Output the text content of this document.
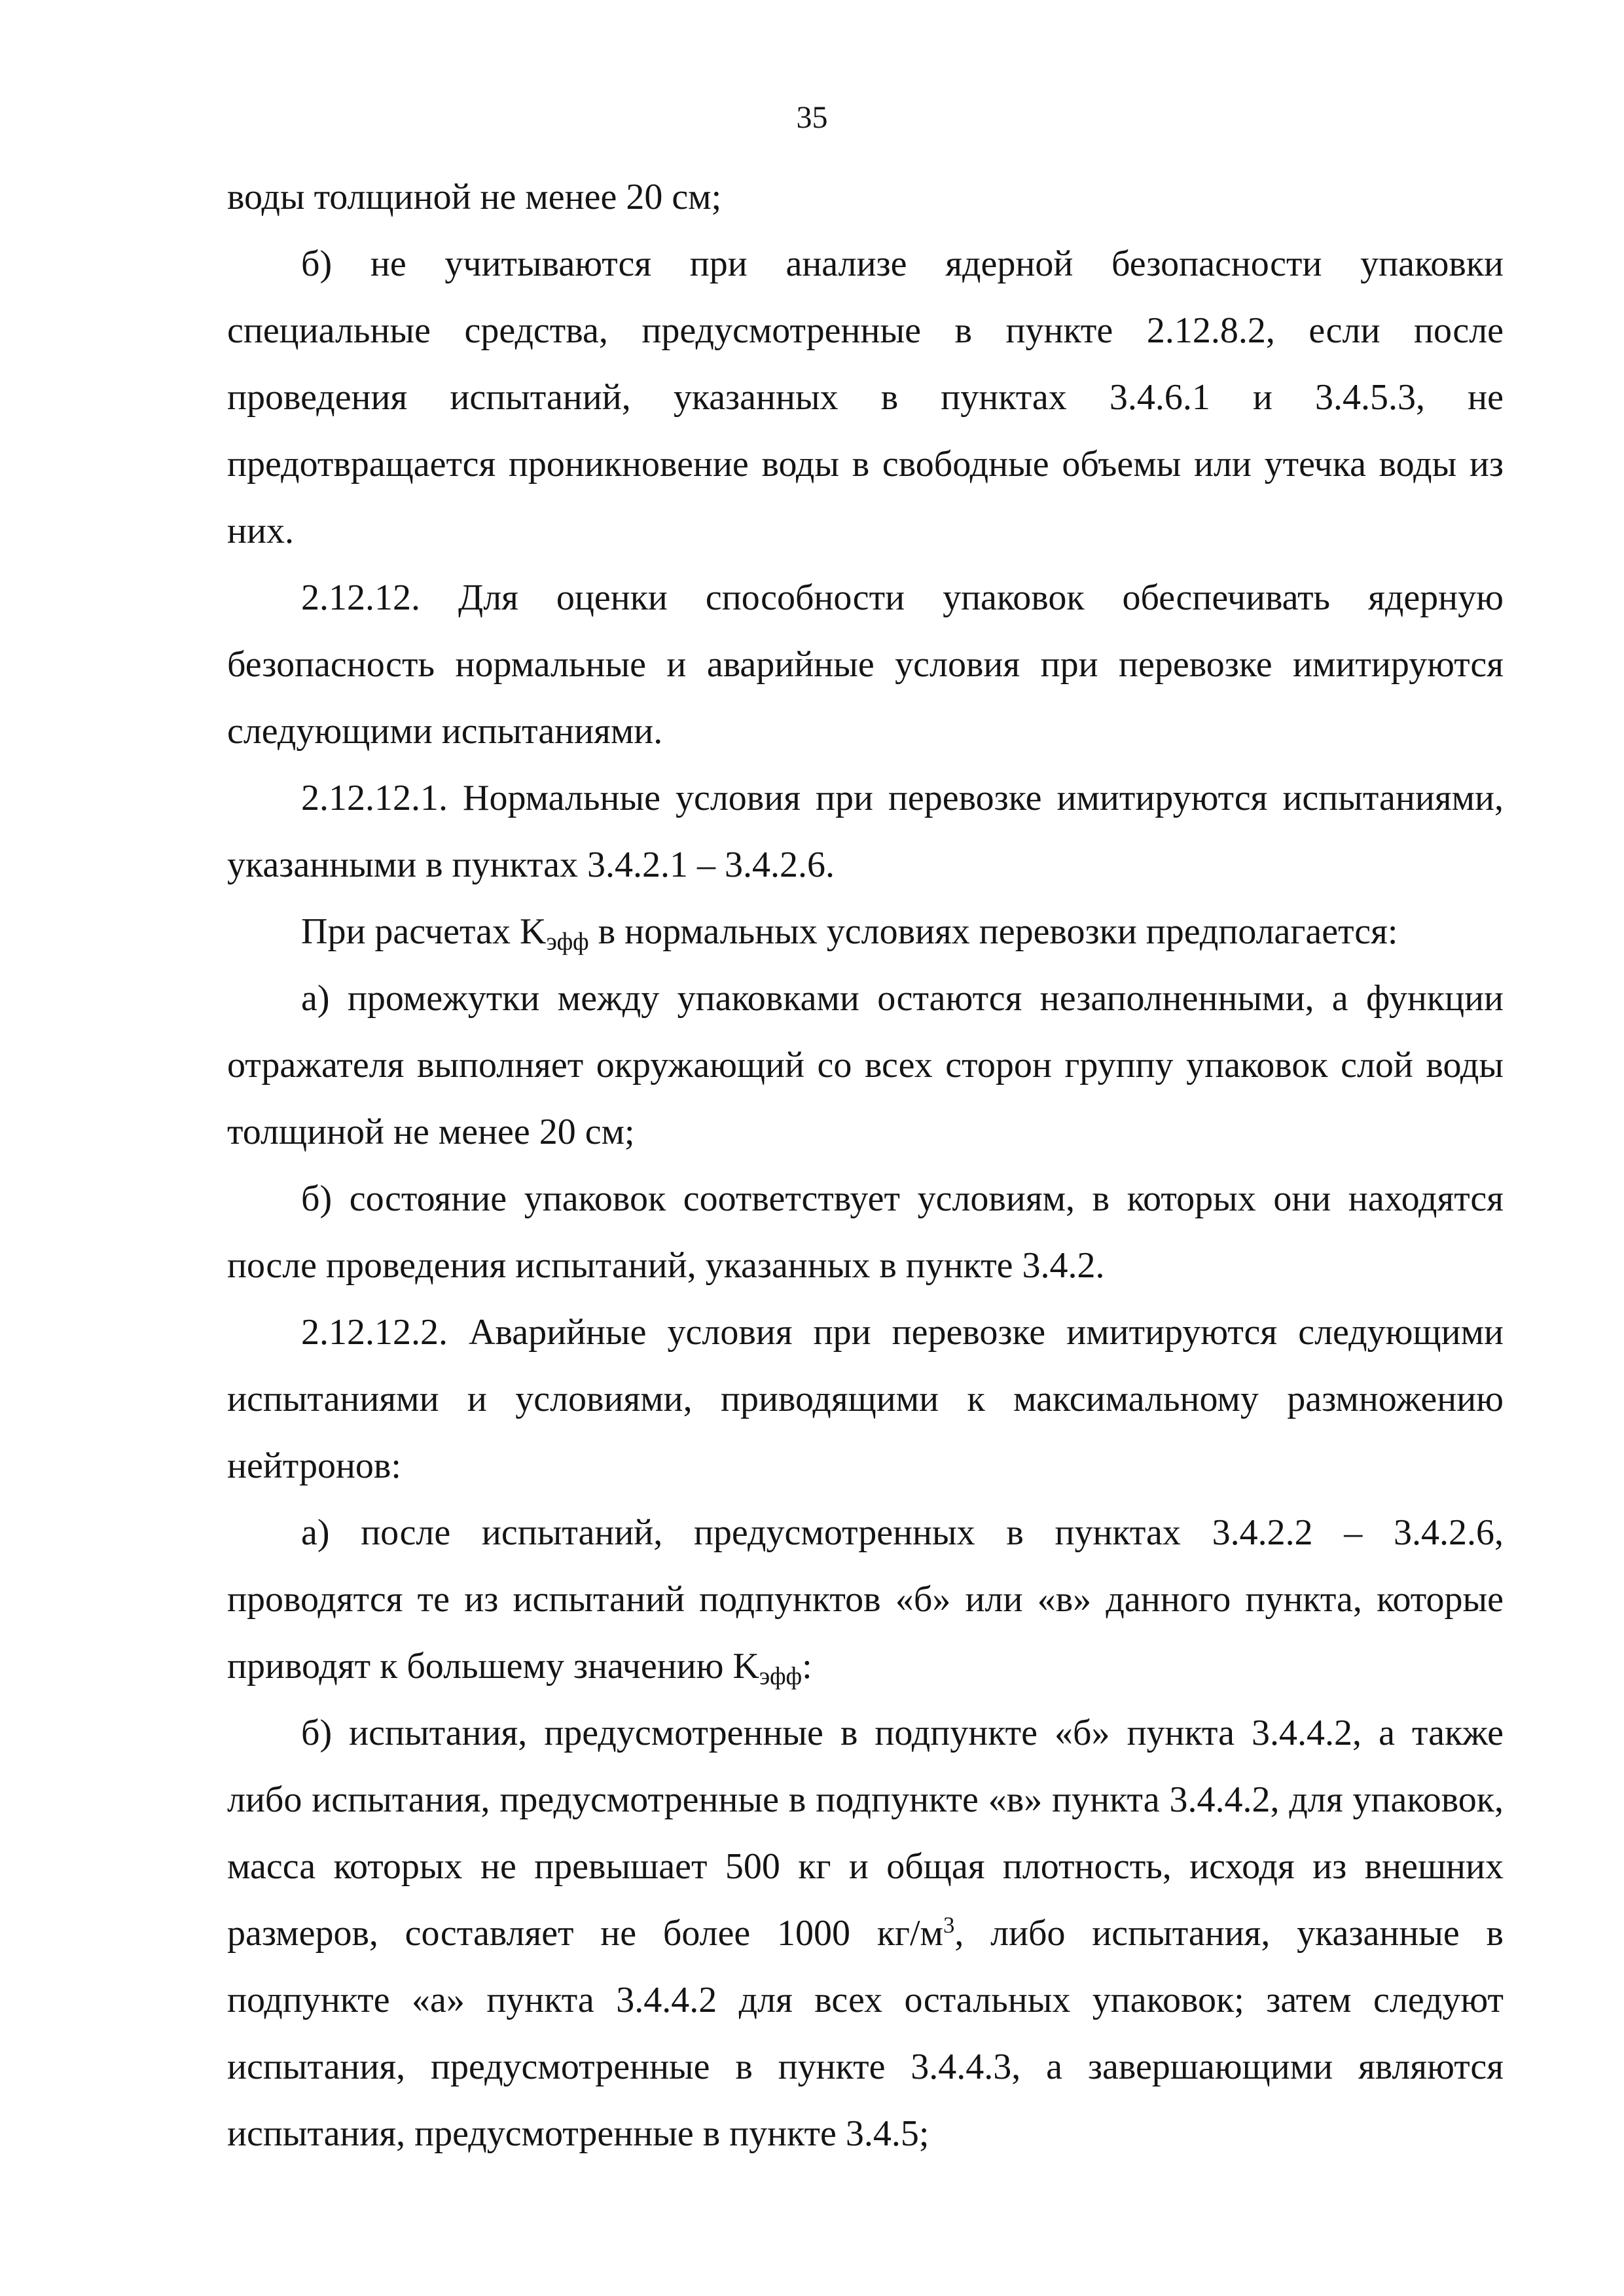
35

воды толщиной не менее 20 см;

б) не учитываются при анализе ядерной безопасности упаковки специальные средства, предусмотренные в пункте 2.12.8.2, если после проведения испытаний, указанных в пунктах 3.4.6.1 и 3.4.5.3, не предотвращается проникновение воды в свободные объемы или утечка воды из них.

2.12.12. Для оценки способности упаковок обеспечивать ядерную безопасность нормальные и аварийные условия при перевозке имитируются следующими испытаниями.

2.12.12.1. Нормальные условия при перевозке имитируются испытаниями, указанными в пунктах 3.4.2.1 – 3.4.2.6.

При расчетах $K_{эфф}$ в нормальных условиях перевозки предполагается:

а) промежутки между упаковками остаются незаполненными, а функции отражателя выполняет окружающий со всех сторон группу упаковок слой воды толщиной не менее 20 см;

б) состояние упаковок соответствует условиям, в которых они находятся после проведения испытаний, указанных в пункте 3.4.2.

2.12.12.2. Аварийные условия при перевозке имитируются следующими испытаниями и условиями, приводящими к максимальному размножению нейтронов:

а) после испытаний, предусмотренных в пунктах 3.4.2.2 – 3.4.2.6, проводятся те из испытаний подпунктов «б» или «в» данного пункта, которые приводят к большему значению $K_{эфф}$:

б) испытания, предусмотренные в подпункте «б» пункта 3.4.4.2, а также либо испытания, предусмотренные в подпункте «в» пункта 3.4.4.2, для упаковок, масса которых не превышает 500 кг и общая плотность, исходя из внешних размеров, составляет не более 1000 $кг/м^3$, либо испытания, указанные в подпункте «а» пункта 3.4.4.2 для всех остальных упаковок; затем следуют испытания, предусмотренные в пункте 3.4.4.3, а завершающими являются испытания, предусмотренные в пункте 3.4.5;
